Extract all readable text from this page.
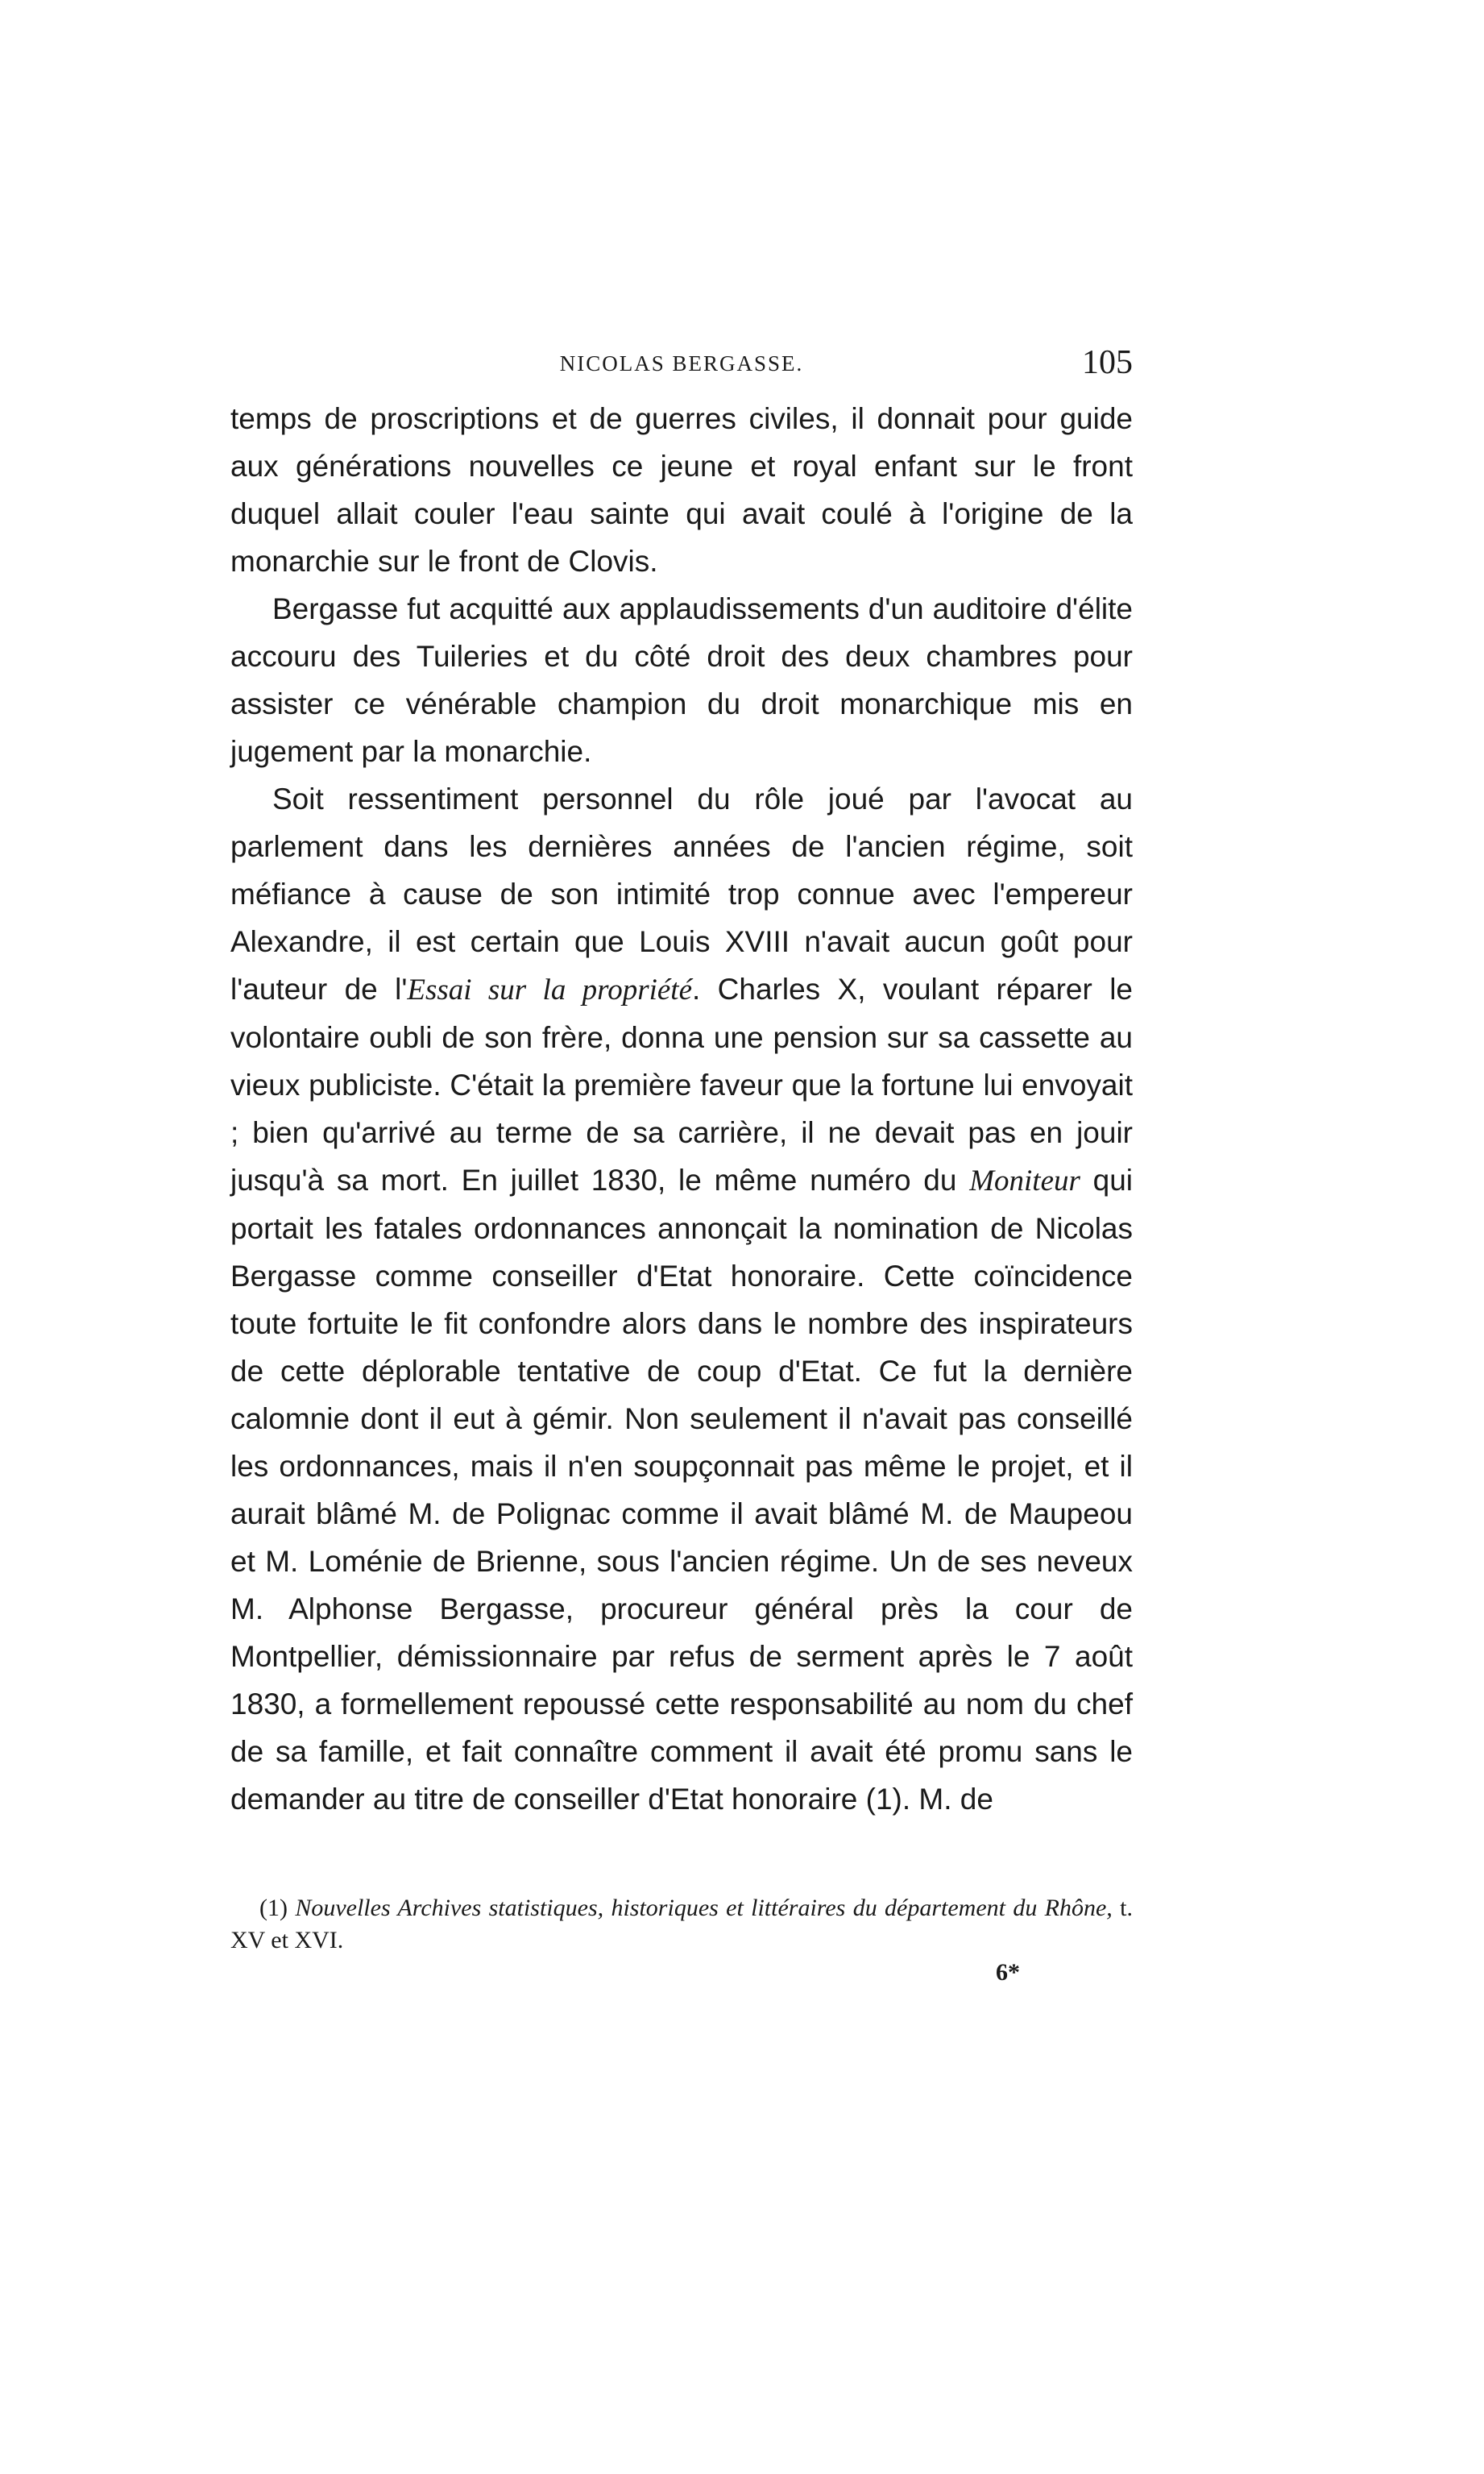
NICOLAS BERGASSE.	105

temps de proscriptions et de guerres civiles, il donnait pour guide aux générations nouvelles ce jeune et royal enfant sur le front duquel allait couler l'eau sainte qui avait coulé à l'origine de la monarchie sur le front de Clovis.

Bergasse fut acquitté aux applaudissements d'un auditoire d'élite accouru des Tuileries et du côté droit des deux chambres pour assister ce vénérable champion du droit monarchique mis en jugement par la monarchie.

Soit ressentiment personnel du rôle joué par l'avocat au parlement dans les dernières années de l'ancien régime, soit méfiance à cause de son intimité trop connue avec l'empereur Alexandre, il est certain que Louis XVIII n'avait aucun goût pour l'auteur de l'Essai sur la propriété. Charles X, voulant réparer le volontaire oubli de son frère, donna une pension sur sa cassette au vieux publiciste. C'était la première faveur que la fortune lui envoyait ; bien qu'arrivé au terme de sa carrière, il ne devait pas en jouir jusqu'à sa mort. En juillet 1830, le même numéro du Moniteur qui portait les fatales ordonnances annonçait la nomination de Nicolas Bergasse comme conseiller d'Etat honoraire. Cette coïncidence toute fortuite le fit confondre alors dans le nombre des inspirateurs de cette déplorable tentative de coup d'Etat. Ce fut la dernière calomnie dont il eut à gémir. Non seulement il n'avait pas conseillé les ordonnances, mais il n'en soupçonnait pas même le projet, et il aurait blâmé M. de Polignac comme il avait blâmé M. de Maupeou et M. Loménie de Brienne, sous l'ancien régime. Un de ses neveux M. Alphonse Bergasse, procureur général près la cour de Montpellier, démissionnaire par refus de serment après le 7 août 1830, a formellement repoussé cette responsabilité au nom du chef de sa famille, et fait connaître comment il avait été promu sans le demander au titre de conseiller d'Etat honoraire (1). M. de

(1) Nouvelles Archives statistiques, historiques et littéraires du département du Rhône, t. XV et XVI.
6*
